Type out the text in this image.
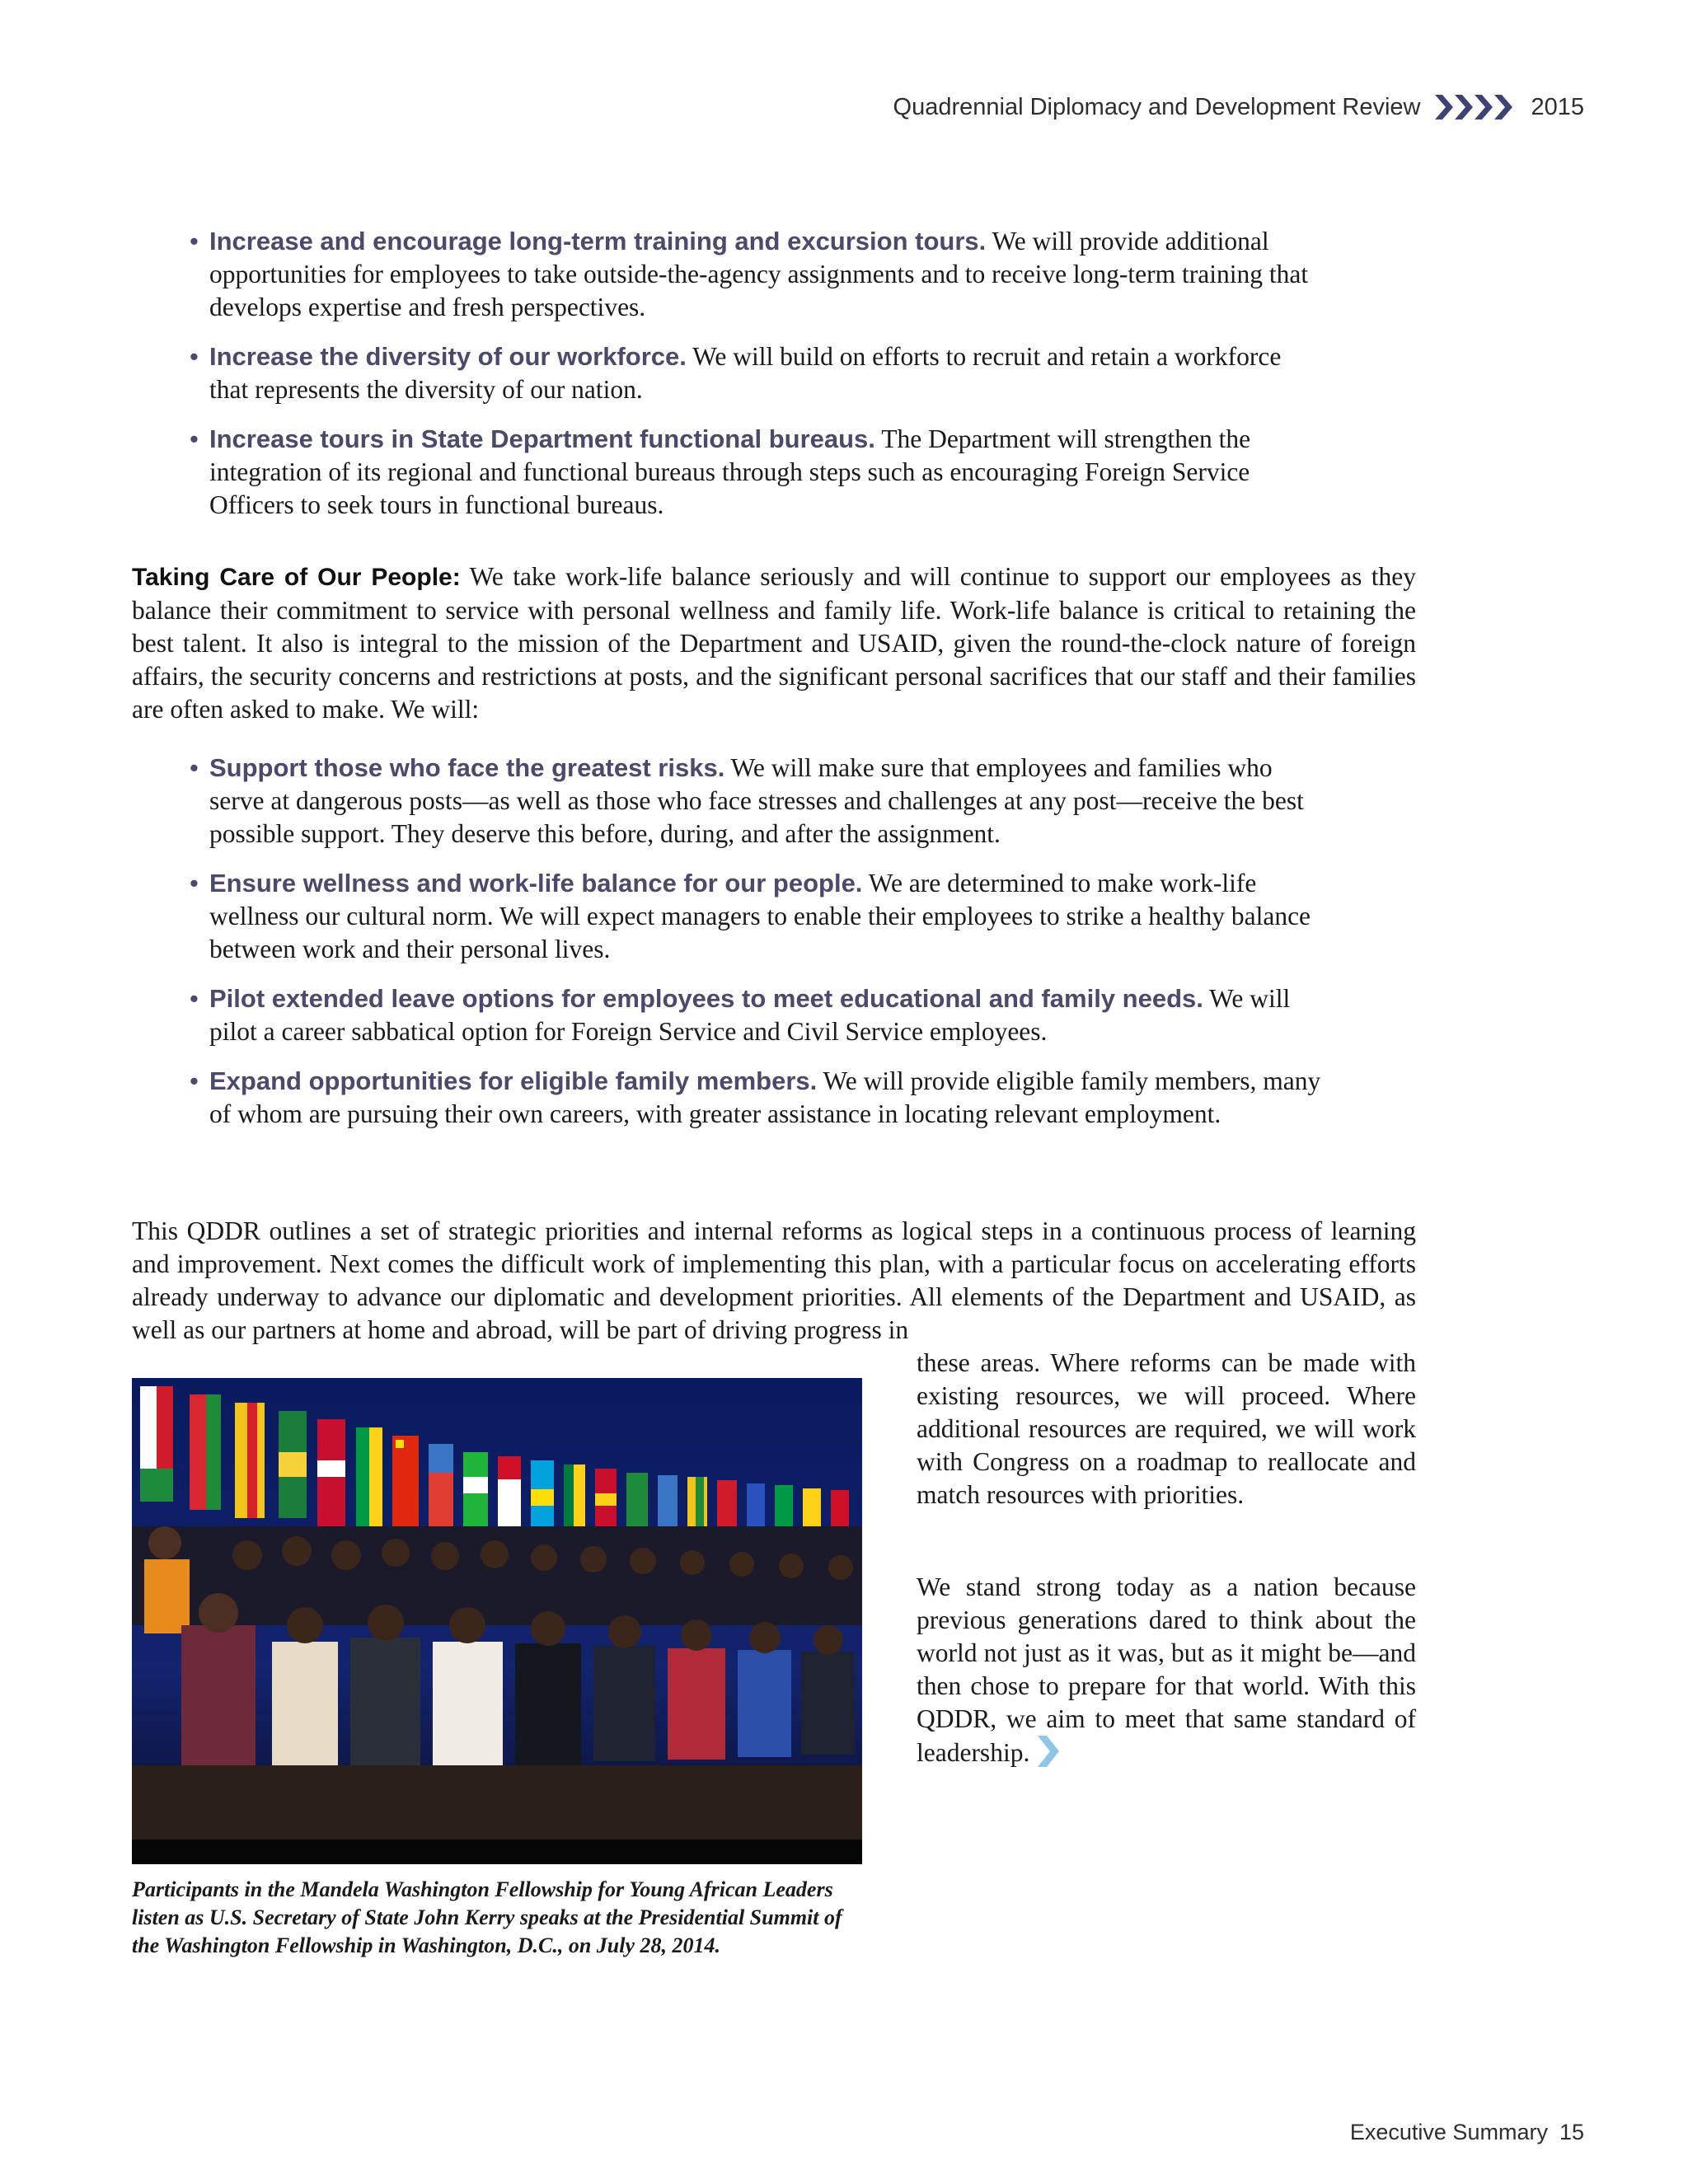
Quadrennial Diplomacy and Development Review	2015
• Increase and encourage long-term training and excursion tours. We will provide additional opportunities for employees to take outside-the-agency assignments and to receive long-term training that develops expertise and fresh perspectives.
• Increase the diversity of our workforce. We will build on efforts to recruit and retain a workforce that represents the diversity of our nation.
• Increase tours in State Department functional bureaus. The Department will strengthen the integration of its regional and functional bureaus through steps such as encouraging Foreign Service Officers to seek tours in functional bureaus.

Taking Care of Our People: We take work-life balance seriously and will continue to support our employees as they balance their commitment to service with personal wellness and family life. Work-life balance is critical to retaining the best talent. It also is integral to the mission of the Department and USAID, given the round-the-clock nature of foreign affairs, the security concerns and restrictions at posts, and the significant personal sacrifices that our staff and their families are often asked to make. We will:

• Support those who face the greatest risks. We will make sure that employees and families who serve at dangerous posts—as well as those who face stresses and challenges at any post—receive the best possible support. They deserve this before, during, and after the assignment.
• Ensure wellness and work-life balance for our people. We are determined to make work-life wellness our cultural norm. We will expect managers to enable their employees to strike a healthy balance between work and their personal lives.
• Pilot extended leave options for employees to meet educational and family needs. We will pilot a career sabbatical option for Foreign Service and Civil Service employees.
• Expand opportunities for eligible family members. We will provide eligible family members, many of whom are pursuing their own careers, with greater assistance in locating relevant employment.

This QDDR outlines a set of strategic priorities and internal reforms as logical steps in a continuous process of learning and improvement. Next comes the difficult work of implementing this plan, with a particular focus on accelerating efforts already underway to advance our diplomatic and development priorities. All elements of the Department and USAID, as well as our partners at home and abroad, will be part of driving progress in

these areas. Where reforms can be made with existing resources, we will proceed. Where additional resources are required, we will work with Congress on a roadmap to reallocate and match resources with priorities.

We stand strong today as a nation because previous generations dared to think about the world not just as it was, but as it might be—and then chose to prepare for that world. With this QDDR, we aim to meet that same standard of leadership.

Participants in the Mandela Washington Fellowship for Young African Leaders listen as U.S. Secretary of State John Kerry speaks at the Presidential Summit of the Washington Fellowship in Washington, D.C., on July 28, 2014.

Executive Summary 15
